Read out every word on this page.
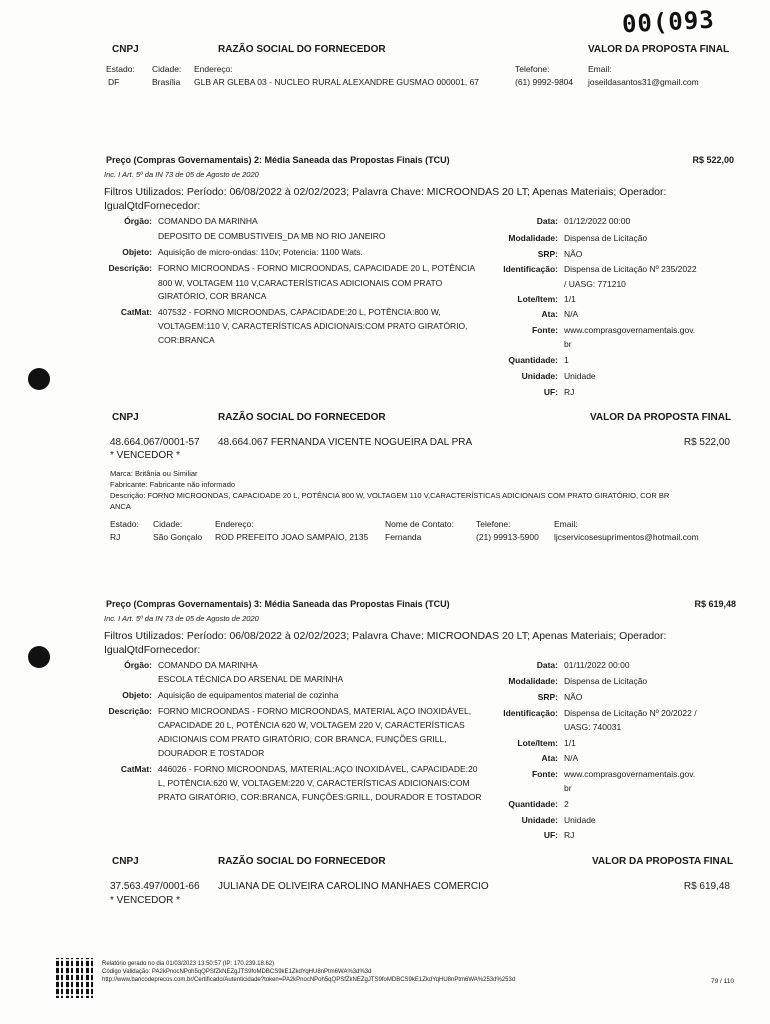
00(093
CNPJ	RAZÃO SOCIAL DO FORNECEDOR	VALOR DA PROPOSTA FINAL
Estado: Cidade: Endereço:	Telefone:	Email:
DF	Brasília GLB AR GLEBA 03 - NUCLEO RURAL ALEXANDRE GUSMAO 000001, 67	(61) 9992-9804 joseildasantos31@gmail.com
Preço (Compras Governamentais) 2: Média Saneada das Propostas Finais (TCU)	R$ 522,00
Inc. I Art. 5º da IN 73 de 05 de Agosto de 2020
Filtros Utilizados: Período: 06/08/2022 à 02/02/2023; Palavra Chave: MICROONDAS 20 LT; Apenas Materiais; Operador:
IgualQtdFornecedor:
Órgão: COMANDO DA MARINHA
DEPOSITO DE COMBUSTIVEIS_DA MB NO RIO JANEIRO
Objeto: Aquisição de micro-ondas: 110v; Potencia: 1100 Wats.
Descrição: FORNO MICROONDAS - FORNO MICROONDAS, CAPACIDADE 20 L, POTÊNCIA
800 W, VOLTAGEM 110 V,CARACTERÍSTICAS ADICIONAIS COM PRATO
GIRATÓRIO, COR BRANCA
CatMat: 407532 - FORNO MICROONDAS, CAPACIDADE:20 L, POTÊNCIA:800 W,
VOLTAGEM:110 V, CARACTERÍSTICAS ADICIONAIS:COM PRATO GIRATÓRIO,
COR:BRANCA
Data: 01/12/2022 00:00
Modalidade: Dispensa de Licitação
SRP: NÃO
Identificação: Dispensa de Licitação Nº 235/2022
/ UASG: 771210
Lote/Item: 1/1
Ata: N/A
Fonte: www.comprasgovernamentais.gov.
br
Quantidade: 1
Unidade: Unidade
UF: RJ
CNPJ	RAZÃO SOCIAL DO FORNECEDOR	VALOR DA PROPOSTA FINAL
48.664.067/0001-57 48.664.067 FERNANDA VICENTE NOGUEIRA DAL PRA	R$ 522,00
* VENCEDOR *
Marca: Britânia ou Similiar
Fabricante: Fabricante não informado
Descrição: FORNO MICROONDAS, CAPACIDADE 20 L, POTÊNCIA 800 W, VOLTAGEM 110 V,CARACTERÍSTICAS ADICIONAIS COM PRATO GIRATÓRIO, COR BR
ANCA
Estado: Cidade:	Endereço:	Nome de Contato:	Telefone:	Email:
RJ	São Gonçalo ROD PREFEITO JOAO SAMPAIO, 2135 Fernanda	(21) 99913-5900 ljcservicosesuprimentos@hotmail.com
Preço (Compras Governamentais) 3: Média Saneada das Propostas Finais (TCU)	R$ 619,48
Inc. I Art. 5º da IN 73 de 05 de Agosto de 2020
Filtros Utilizados: Período: 06/08/2022 à 02/02/2023; Palavra Chave: MICROONDAS 20 LT; Apenas Materiais; Operador:
IgualQtdFornecedor:
Órgão: COMANDO DA MARINHA
ESCOLA TÉCNICA DO ARSENAL DE MARINHA
Objeto: Aquisição de equipamentos material de cozinha
Descrição: FORNO MICROONDAS - FORNO MICROONDAS, MATERIAL AÇO INOXIDÁVEL,
CAPACIDADE 20 L, POTÊNCIA 620 W, VOLTAGEM 220 V, CARACTERÍSTICAS
ADICIONAIS COM PRATO GIRATÓRIO, COR BRANCA, FUNÇÕES GRILL,
DOURADOR E TOSTADOR
CatMat: 446026 - FORNO MICROONDAS, MATERIAL:AÇO INOXIDÁVEL, CAPACIDADE:20
L, POTÊNCIA:620 W, VOLTAGEM:220 V, CARACTERÍSTICAS ADICIONAIS:COM
PRATO GIRATÓRIO, COR:BRANCA, FUNÇÕES:GRILL, DOURADOR E TOSTADOR
Data: 01/11/2022 00:00
Modalidade: Dispensa de Licitação
SRP: NÃO
Identificação: Dispensa de Licitação Nº 20/2022 /
UASG: 740031
Lote/Item: 1/1
Ata: N/A
Fonte: www.comprasgovernamentais.gov.
br
Quantidade: 2
Unidade: Unidade
UF: RJ
CNPJ	RAZÃO SOCIAL DO FORNECEDOR	VALOR DA PROPOSTA FINAL
37.563.497/0001-66 JULIANA DE OLIVEIRA CAROLINO MANHAES COMERCIO	R$ 619,48
* VENCEDOR *
Relatório gerado no dia 01/03/2023 13:50:57 (IP: 170.239.18.62)
Código Validação: PA2kPnocNPoh5qQPSfZkNEZgJTS9foMDBCS9kE1ZkdYqHU8nPtm6WA%3d%3d
http://www.bancodeprecos.com.br/Certificado/Autenticidade?token=PA2kPnocNPoh5qQPSfZkNEZgJTS9foMDBCS9kE1ZkdYqHU8nPtm6WA%253d%253d	79 / 110
